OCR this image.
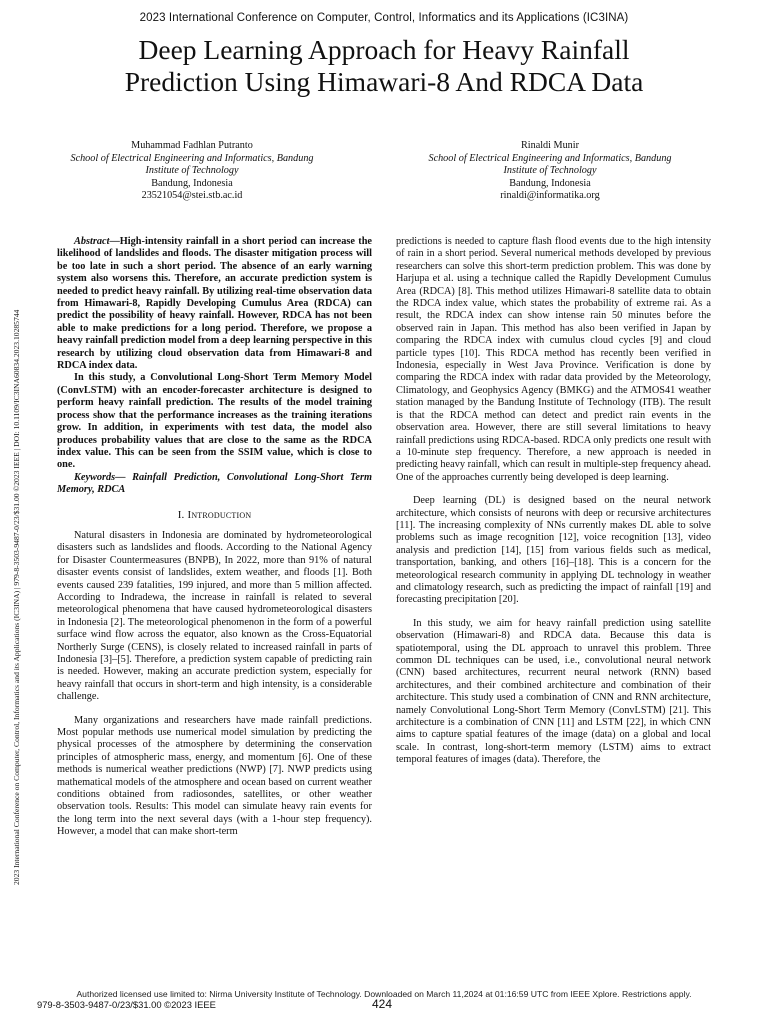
2023 International Conference on Computer, Control, Informatics and its Applications (IC3INA)
Deep Learning Approach for Heavy Rainfall
Prediction Using Himawari-8 And RDCA Data
Muhammad Fadhlan Putranto
School of Electrical Engineering and Informatics, Bandung
Institute of Technology
Bandung, Indonesia
23521054@stei.stb.ac.id
Rinaldi Munir
School of Electrical Engineering and Informatics, Bandung
Institute of Technology
Bandung, Indonesia
rinaldi@informatika.org
2023 International Conference on Computer, Control, Informatics and its Applications (IC3INA) | 979-8-3503-9487-0/23/$31.00 ©2023 IEEE | DOI: 10.1109/IC3INA60834.2023.10285744

Abstract—High-intensity rainfall in a short period can increase the likelihood of landslides and floods. The disaster mitigation process will be too late in such a short period. The absence of an early warning system also worsens this. Therefore, an accurate prediction system is needed to predict heavy rainfall. By utilizing real-time observation data from Himawari-8, Rapidly Developing Cumulus Area (RDCA) can predict the possibility of heavy rainfall. However, RDCA has not been able to make predictions for a long period. Therefore, we propose a heavy rainfall prediction model from a deep learning perspective in this research by utilizing cloud observation data from Himawari-8 and RDCA index data.

In this study, a Convolutional Long-Short Term Memory Model (ConvLSTM) with an encoder-forecaster architecture is designed to perform heavy rainfall prediction. The results of the model training process show that the performance increases as the training iterations grow. In addition, in experiments with test data, the model also produces probability values that are close to the same as the RDCA index value. This can be seen from the SSIM value, which is close to one.

Keywords— Rainfall Prediction, Convolutional Long-Short Term Memory, RDCA

I. Introduction

Natural disasters in Indonesia are dominated by hydrometeorological disasters such as landslides and floods. According to the National Agency for Disaster Countermeasures (BNPB), In 2022, more than 91% of natural disaster events consist of landslides, extem weather, and floods [1]. Both events caused 239 fatalities, 199 injured, and more than 5 million affected. According to Indradewa, the increase in rainfall is related to several meteorological phenomena that have caused hydrometeorological disasters in Indonesia [2]. The meteorological phenomenon in the form of a powerful surface wind flow across the equator, also known as the Cross-Equatorial Northerly Surge (CENS), is closely related to increased rainfall in parts of Indonesia [3]–[5]. Therefore, a prediction system capable of predicting rain is needed. However, making an accurate prediction system, especially for heavy rainfall that occurs in short-term and high intensity, is a considerable challenge.

Many organizations and researchers have made rainfall predictions. Most popular methods use numerical model simulation by predicting the physical processes of the atmosphere by determining the conservation principles of atmospheric mass, energy, and momentum [6]. One of these methods is numerical weather predictions (NWP) [7]. NWP predicts using mathematical models of the atmosphere and ocean based on current weather conditions obtained from radiosondes, satellites, or other weather observation tools. Results: This model can simulate heavy rain events for the long term into the next several days (with a 1-hour step frequency). However, a model that can make short-term

predictions is needed to capture flash flood events due to the high intensity of rain in a short period. Several numerical methods developed by previous researchers can solve this short-term prediction problem. This was done by Harjupa et al. using a technique called the Rapidly Development Cumulus Area (RDCA) [8]. This method utilizes Himawari-8 satellite data to obtain the RDCA index value, which states the probability of extreme rai. As a result, the RDCA index can show intense rain 50 minutes before the observed rain in Japan. This method has also been verified in Japan by comparing the RDCA index with cumulus cloud cycles [9] and cloud particle types [10]. This RDCA method has recently been verified in Indonesia, especially in West Java Province. Verification is done by comparing the RDCA index with radar data provided by the Meteorology, Climatology, and Geophysics Agency (BMKG) and the ATMOS41 weather station managed by the Bandung Institute of Technology (ITB). The result is that the RDCA method can detect and predict rain events in the observation area. However, there are still several limitations to heavy rainfall predictions using RDCA-based. RDCA only predicts one result with a 10-minute step frequency. Therefore, a new approach is needed in predicting heavy rainfall, which can result in multiple-step frequency ahead. One of the approaches currently being developed is deep learning.

Deep learning (DL) is designed based on the neural network architecture, which consists of neurons with deep or recursive architectures [11]. The increasing complexity of NNs currently makes DL able to solve problems such as image recognition [12], voice recognition [13], video analysis and prediction [14], [15] from various fields such as medical, transportation, banking, and others [16]–[18]. This is a concern for the meteorological research community in applying DL technology in weather and climatology research, such as predicting the impact of rainfall [19] and forecasting precipitation [20].

In this study, we aim for heavy rainfall prediction using satellite observation (Himawari-8) and RDCA data. Because this data is spatiotemporal, using the DL approach to unravel this problem. Three common DL techniques can be used, i.e., convolutional neural network (CNN) based architectures, recurrent neural network (RNN) based architectures, and their combined architecture and combination of their architecture. This study used a combination of CNN and RNN architecture, namely Convolutional Long-Short Term Memory (ConvLSTM) [21]. This architecture is a combination of CNN [11] and LSTM [22], in which CNN aims to capture spatial features of the image (data) on a global and local scale. In contrast, long-short-term memory (LSTM) aims to extract temporal features of images (data). Therefore, the

Authorized licensed use limited to: Nirma University Institute of Technology. Downloaded on March 11,2024 at 01:16:59 UTC from IEEE Xplore. Restrictions apply.
979-8-3503-9487-0/23/$31.00 ©2023 IEEE	424
